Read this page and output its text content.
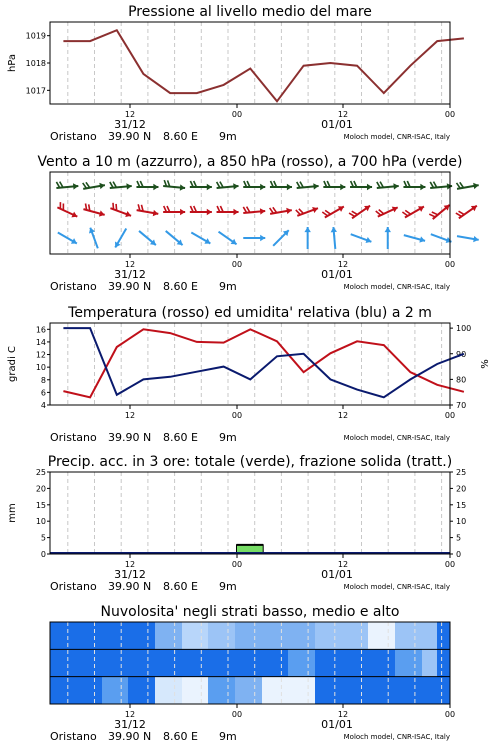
Pressione al livello medio del mare
1017
1018
1019
hPa
12	00	12	00
31/12	01/01
Oristano 39.90 N 8.60 E 9m	Moloch model, CNR-ISAC, Italy
Vento a 10 m (azzurro), a 850 hPa (rosso), a 700 hPa (verde)
12	00	12	00
31/12	01/01
Oristano 39.90 N 8.60 E 9m	Moloch model, CNR-ISAC, Italy
Temperatura (rosso) ed umidita' relativa (blu) a 2 m
4
6
8
10
12
14
16
70
80
90
100
gradi C	%
12	00	12	00
Oristano 39.90 N 8.60 E 9m	Moloch model, CNR-ISAC, Italy
Precip. acc. in 3 ore: totale (verde), frazione solida (tratt.)
0	0
5	5
10	10
15	15
20	20
25	25
mm
12	00	12	00
31/12	01/01
Oristano 39.90 N 8.60 E 9m	Moloch model, CNR-ISAC, Italy
Nuvolosita' negli strati basso, medio e alto
12	00	12	00
31/12	01/01
Oristano 39.90 N 8.60 E 9m	Moloch model, CNR-ISAC, Italy
